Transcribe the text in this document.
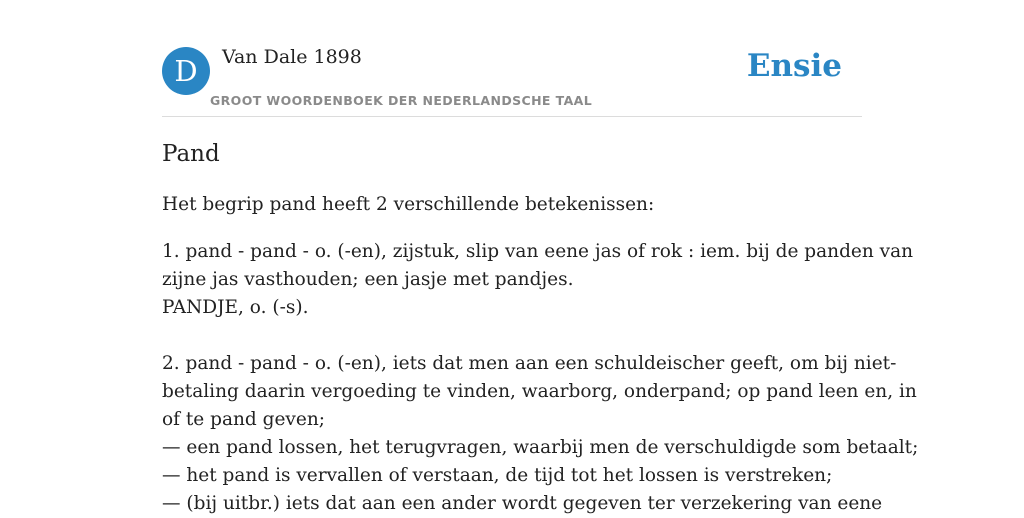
D	Van Dale 1898
GROOT WOORDENBOEK DER NEDERLANDSCHE TAAL
Ensie
Pand

Het begrip pand heeft 2 verschillende betekenissen:

1. pand - pand - o. (-en), zijstuk, slip van eene jas of rok : iem. bij de panden van
zijne jas vasthouden; een jasje met pandjes.
PANDJE, o. (-s).
2. pand - pand - o. (-en), iets dat men aan een schuldeischer geeft, om bij niet-
betaling daarin vergoeding te vinden, waarborg, onderpand; op pand leen en, in
of te pand geven;
— een pand lossen, het terugvragen, waarbij men de verschuldigde som betaalt;
— het pand is vervallen of verstaan, de tijd tot het lossen is verstreken;
— (bij uitbr.) iets dat aan een ander wordt gegeven ter verzekering van eene
